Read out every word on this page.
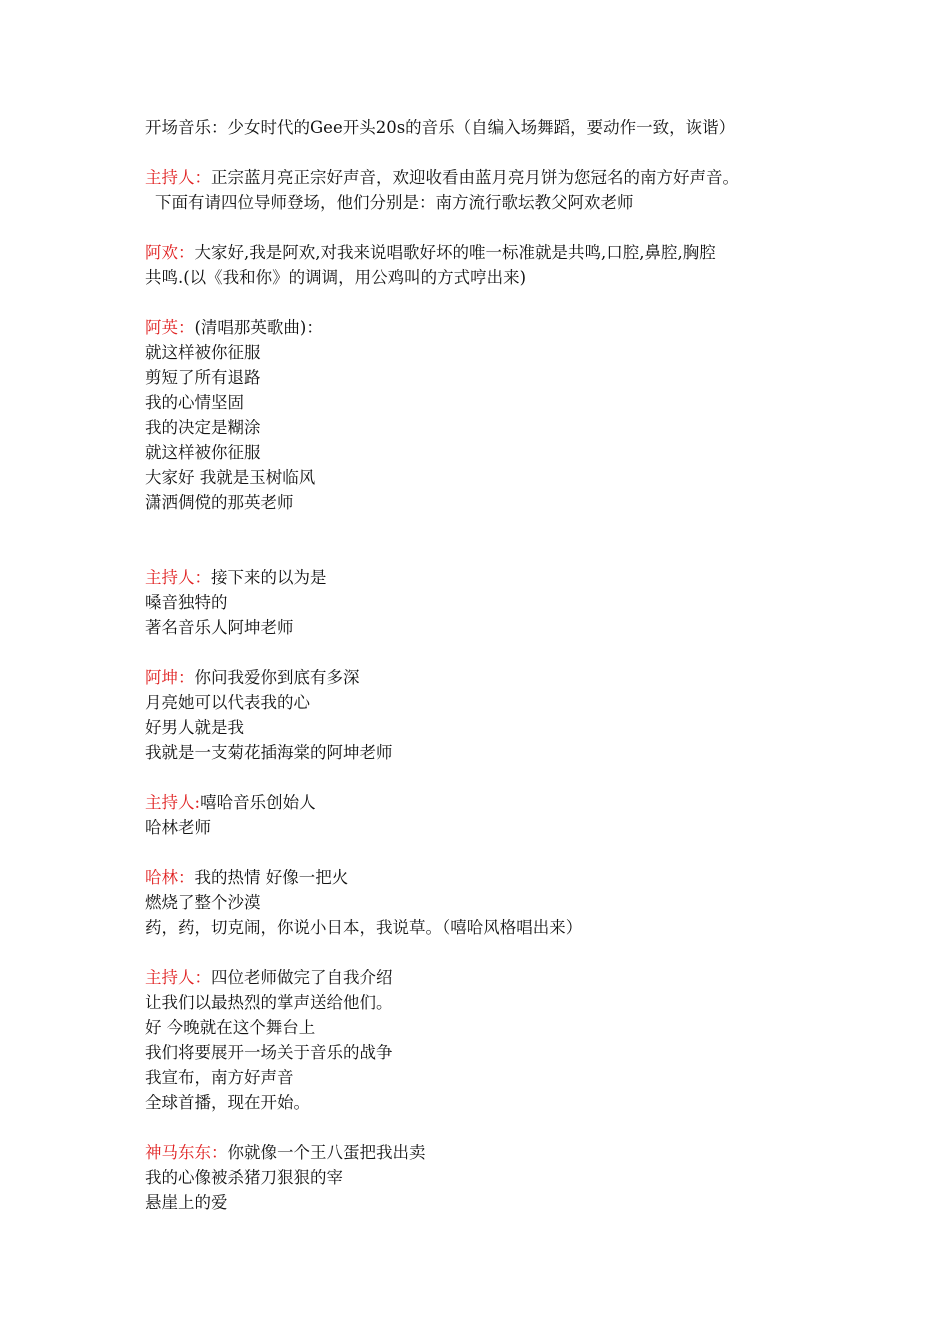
开场音乐：少女时代的Gee开头20s的音乐（自编入场舞蹈，要动作一致，诙谐）

主持人：正宗蓝月亮正宗好声音，欢迎收看由蓝月亮月饼为您冠名的南方好声音。

下面有请四位导师登场，他们分别是：南方流行歌坛教父阿欢老师

阿欢：大家好,我是阿欢,对我来说唱歌好坏的唯一标准就是共鸣,口腔,鼻腔,胸腔

共鸣.(以《我和你》的调调，用公鸡叫的方式哼出来)

阿英：(清唱那英歌曲)：

就这样被你征服

剪短了所有退路

我的心情坚固

我的决定是糊涂

就这样被你征服

大家好 我就是玉树临风

潇洒倜傥的那英老师

主持人：接下来的以为是

嗓音独特的

著名音乐人阿坤老师

阿坤：你问我爱你到底有多深

月亮她可以代表我的心

好男人就是我

我就是一支菊花插海棠的阿坤老师

主持人:嘻哈音乐创始人

哈林老师

哈林：我的热情 好像一把火

燃烧了整个沙漠

药，药，切克闹，你说小日本，我说草。（嘻哈风格唱出来）

主持人：四位老师做完了自我介绍

让我们以最热烈的掌声送给他们。

好 今晚就在这个舞台上

我们将要展开一场关于音乐的战争

我宣布，南方好声音

全球首播，现在开始。

神马东东：你就像一个王八蛋把我出卖

我的心像被杀猪刀狠狠的宰

悬崖上的爱
